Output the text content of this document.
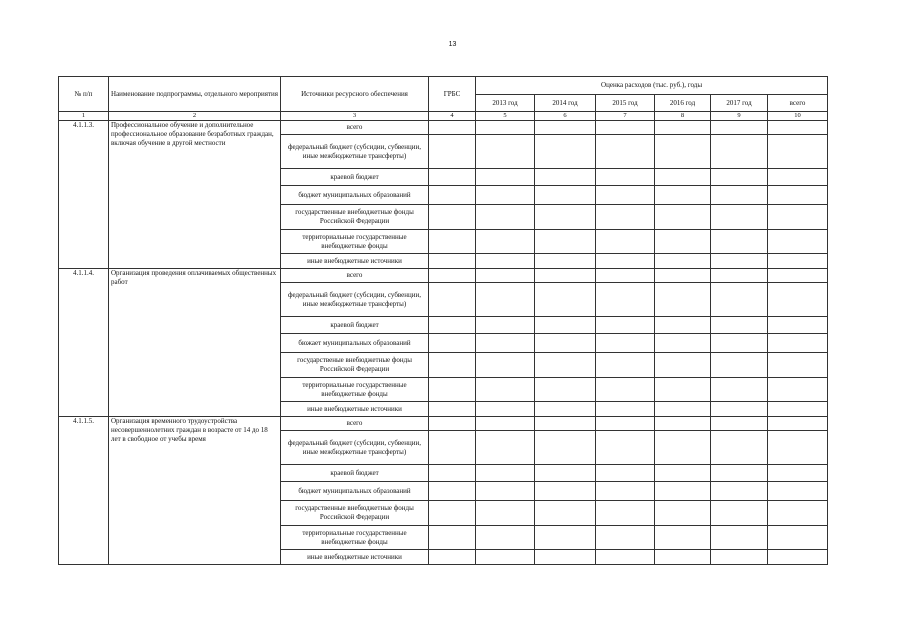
13
№ п/п	Наименование подпрограммы, отдельного мероприятия	Источники ресурсного обеспечения	ГРБС	Оценка расходов (тыс. руб.), годы					
				2013 год	2014 год	2015 год	2016 год	2017 год	всего
1	2	3	4	5	6	7	8	9	10
4.1.1.3.	Профессиональное обучение и дополнительное профессиональное образование безработных граждан, включая обучение в другой местности	всего							
		федеральный бюджет (субсидии, субвенции, иные межбюджетные трансферты)							
		краевой бюджет							
		бюджет муниципальных образований							
		государственные внебюджетные фонды Российской Федерации							
		территориальные государственные внебюджетные фонды							
		иные внебюджетные источники							
4.1.1.4.	Организация проведения оплачиваемых общественных работ	всего							
		федеральный бюджет (субсидии, субвенции, иные межбюджетные трансферты)							
		краевой бюджет							
		бюжает муниципальных образований							
		государственые внебюджетные фонды Российской Федерации							
		территориальные государственные внебюджетные фонды							
		иные внебюджетные источники							
4.1.1.5.	Организация временного трудоустройства несовершеннолетних граждан в возрасте от 14 до 18 лет в свободное от учебы время	всего							
		федеральный бюджет (субсидии, субвенции, иные межбюджетные трансферты)							
		краевой бюджет							
		бюджет муниципальных образований							
		государственные внебюджетные фонды Российской Федерации							
		территориальные государственные внебюджетные фонды							
		иные внебюджетные источники							
